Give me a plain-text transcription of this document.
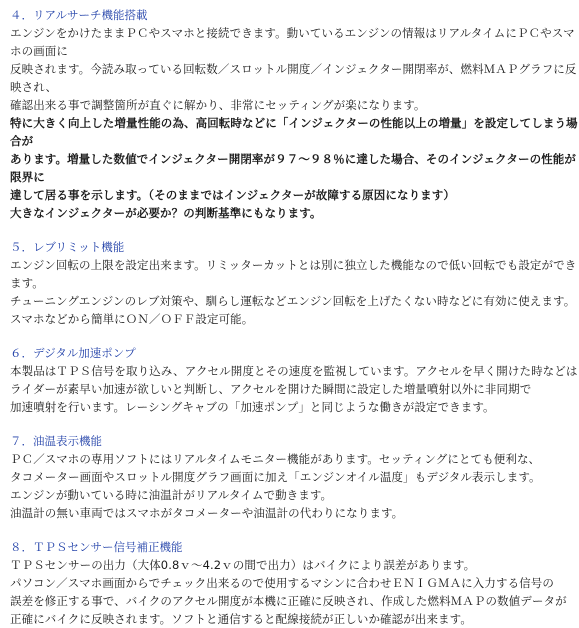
４．リアルサーチ機能搭載
エンジンをかけたままＰＣやスマホと接続できます。動いているエンジンの情報はリアルタイムにＰＣやスマ
ホの画面に
反映されます。今読み取っている回転数／スロットル開度／インジェクター開閉率が、燃料ＭＡＰグラフに反
映され、
確認出来る事で調整箇所が直ぐに解かり、非常にセッティングが楽になります。
特に大きく向上した増量性能の為、高回転時などに「インジェクターの性能以上の増量」を設定してしまう場
合が
あります。増量した数値でインジェクター開閉率が９７～９８％に達した場合、そのインジェクターの性能が
限界に
達して居る事を示します。（そのままではインジェクターが故障する原因になります）
大きなインジェクターが必要か？の判断基準にもなります。
５．レブリミット機能
エンジン回転の上限を設定出来ます。リミッターカットとは別に独立した機能なので低い回転でも設定ができ
ます。
チューニングエンジンのレブ対策や、馴らし運転などエンジン回転を上げたくない時などに有効に使えます。
スマホなどから簡単にＯＮ／ＯＦＦ設定可能。
６．デジタル加速ポンプ
本製品はＴＰＳ信号を取り込み、アクセル開度とその速度を監視しています。アクセルを早く開けた時などは
ライダーが素早い加速が欲しいと判断し、アクセルを開けた瞬間に設定した増量噴射以外に非同期で
加速噴射を行います。レーシングキャブの「加速ポンプ」と同じような働きが設定できます。
７．油温表示機能
ＰＣ／スマホの専用ソフトにはリアルタイムモニター機能があります。セッティングにとても便利な、
タコメーター画面やスロットル開度グラフ画面に加え「エンジンオイル温度」もデジタル表示します。
エンジンが動いている時に油温計がリアルタイムで動きます。
油温計の無い車両ではスマホがタコメーターや油温計の代わりになります。
８．ＴＰＳセンサー信号補正機能
ＴＰＳセンサーの出力（大体0.8ｖ～4.2ｖの間で出力）はバイクにより誤差があります。
パソコン／スマホ画面からでチェック出来るので使用するマシンに合わせＥＮＩＧＭＡに入力する信号の
誤差を修正する事で、バイクのアクセル開度が本機に正確に反映され、作成した燃料ＭＡＰの数値データが
正確にバイクに反映されます。ソフトと通信すると配線接続が正しいか確認が出来ます。
